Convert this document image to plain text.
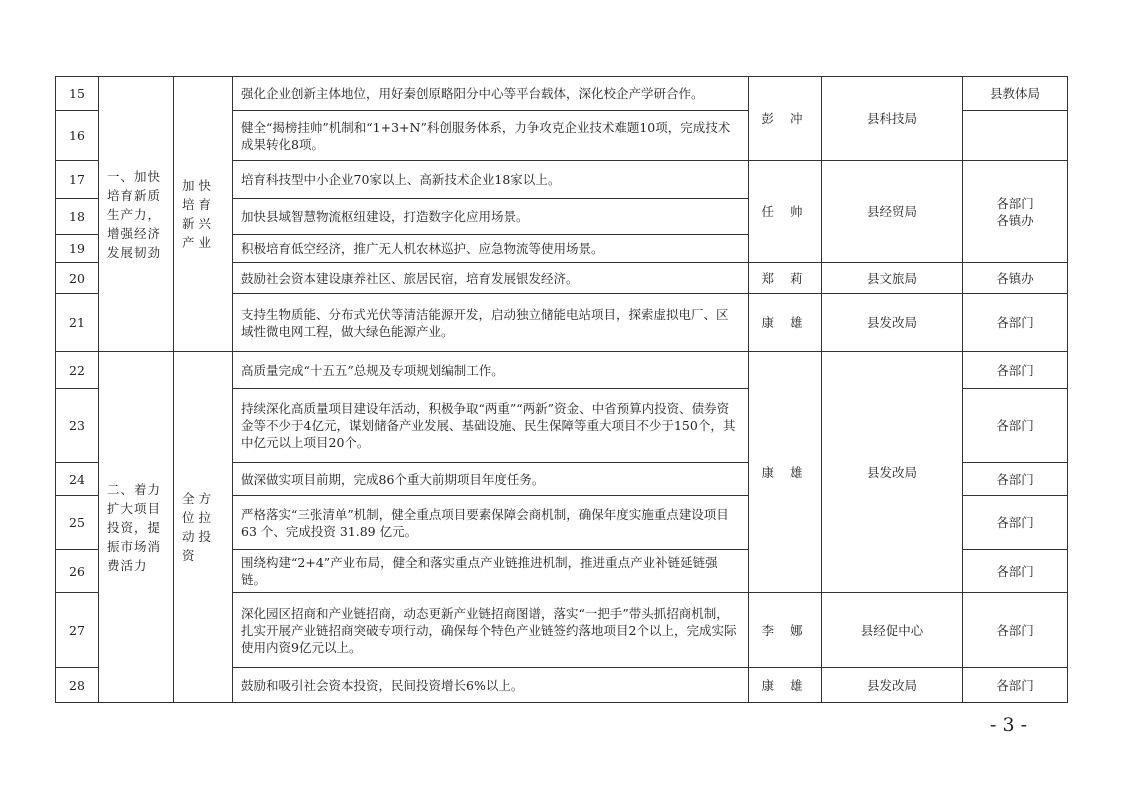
15	一、加快培育新质生产力，增强经济发展韧劲	加快培育新兴产业	强化企业创新主体地位，用好秦创原略阳分中心等平台载体，深化校企产学研合作。	彭 冲	县科技局	县教体局
16			健全“揭榜挂帅”机制和“1+3+N”科创服务体系，力争攻克企业技术难题10项，完成技术成果转化8项。			
17			培育科技型中小企业70家以上、高新技术企业18家以上。	任 帅	县经贸局	各部门 各镇办
18			加快县域智慧物流枢纽建设，打造数字化应用场景。			
19			积极培育低空经济，推广无人机农林巡护、应急物流等使用场景。			
20			鼓励社会资本建设康养社区、旅居民宿，培育发展银发经济。	郑 莉	县文旅局	各镇办
21			支持生物质能、分布式光伏等清洁能源开发，启动独立储能电站项目，探索虚拟电厂、区域性微电网工程，做大绿色能源产业。	康 雄	县发改局	各部门
22	二、着力扩大项目投资，提振市场消费活力	全方位拉动投资	高质量完成“十五五”总规及专项规划编制工作。	康 雄	县发改局	各部门
23			持续深化高质量项目建设年活动，积极争取“两重”“两新”资金、中省预算内投资、债券资金等不少于4亿元，谋划储备产业发展、基础设施、民生保障等重大项目不少于150个，其中亿元以上项目20个。			各部门
24			做深做实项目前期，完成86个重大前期项目年度任务。			各部门
25			严格落实“三张清单”机制，健全重点项目要素保障会商机制，确保年度实施重点建设项目 63 个、完成投资 31.89 亿元。			各部门
26			围绕构建“2+4”产业布局，健全和落实重点产业链推进机制，推进重点产业补链延链强链。			各部门
27			深化园区招商和产业链招商，动态更新产业链招商图谱，落实“一把手”带头抓招商机制，扎实开展产业链招商突破专项行动，确保每个特色产业链签约落地项目2个以上，完成实际使用内资9亿元以上。	李 娜	县经促中心	各部门
28			鼓励和吸引社会资本投资，民间投资增长6%以上。	康 雄	县发改局	各部门
- 3 -
